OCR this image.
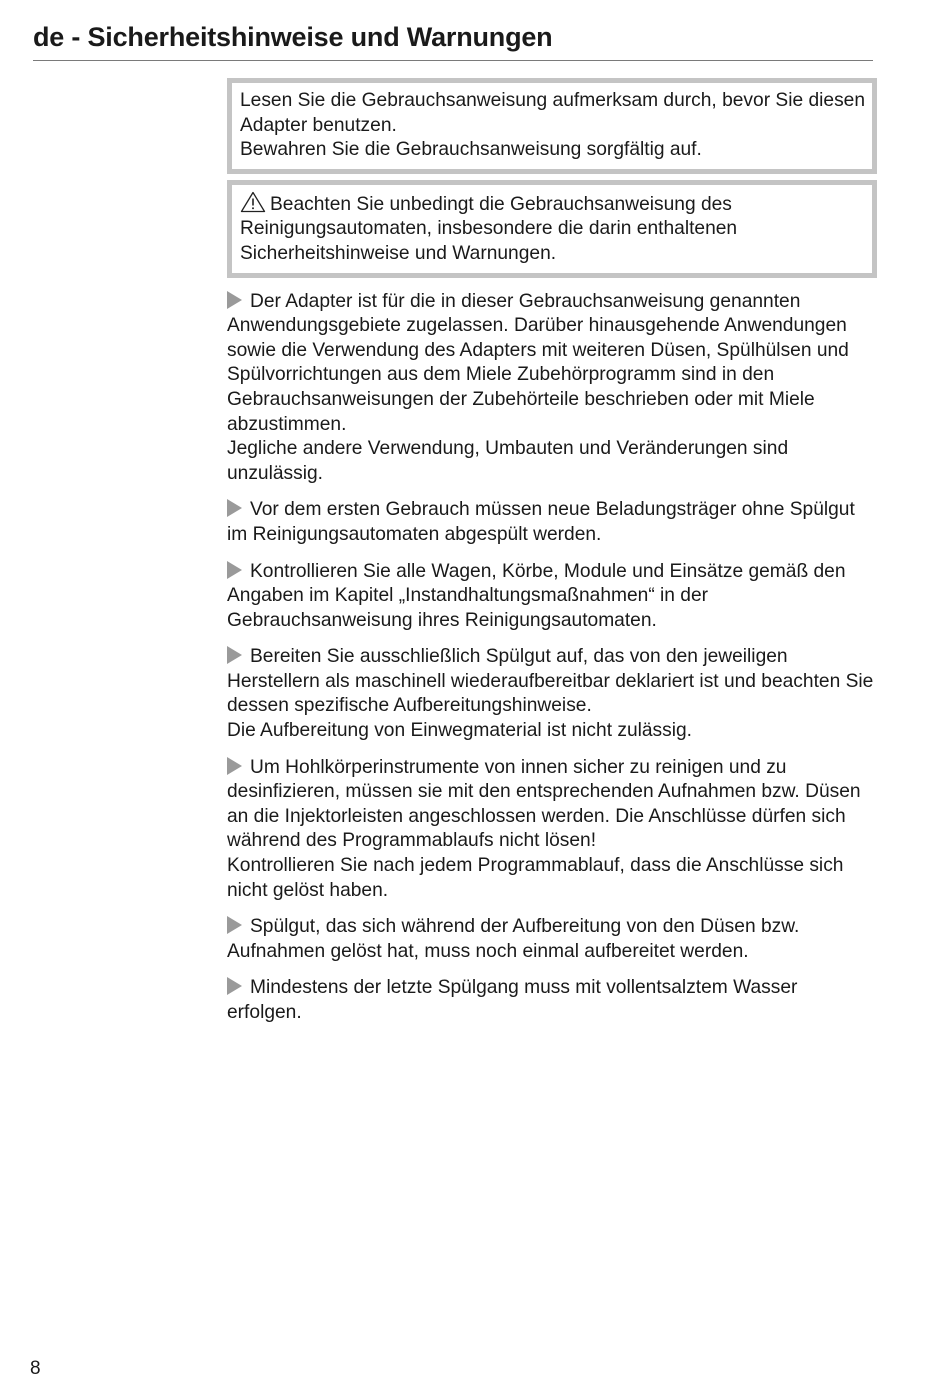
de - Sicherheitshinweise und Warnungen

Lesen Sie die Gebrauchsanweisung aufmerksam durch, bevor Sie diesen Adapter benutzen.

Bewahren Sie die Gebrauchsanweisung sorgfältig auf.

Beachten Sie unbedingt die Gebrauchsanweisung des Reinigungsautomaten, insbesondere die darin enthaltenen Sicherheitshinweise und Warnungen.

Der Adapter ist für die in dieser Gebrauchsanweisung genannten Anwendungsgebiete zugelassen. Darüber hinausgehende Anwendungen sowie die Verwendung des Adapters mit weiteren Düsen, Spülhülsen und Spülvorrichtungen aus dem Miele Zubehörprogramm sind in den Gebrauchsanweisungen der Zubehörteile beschrieben oder mit Miele abzustimmen.

Jegliche andere Verwendung, Umbauten und Veränderungen sind unzulässig.

Vor dem ersten Gebrauch müssen neue Beladungsträger ohne Spülgut im Reinigungsautomaten abgespült werden.

Kontrollieren Sie alle Wagen, Körbe, Module und Einsätze gemäß den Angaben im Kapitel „Instandhaltungsmaßnahmen“ in der Gebrauchsanweisung ihres Reinigungsautomaten.

Bereiten Sie ausschließlich Spülgut auf, das von den jeweiligen Herstellern als maschinell wiederaufbereitbar deklariert ist und beachten Sie dessen spezifische Aufbereitungshinweise.

Die Aufbereitung von Einwegmaterial ist nicht zulässig.

Um Hohlkörperinstrumente von innen sicher zu reinigen und zu desinfizieren, müssen sie mit den entsprechenden Aufnahmen bzw. Düsen an die Injektorleisten angeschlossen werden. Die Anschlüsse dürfen sich während des Programmablaufs nicht lösen!

Kontrollieren Sie nach jedem Programmablauf, dass die Anschlüsse sich nicht gelöst haben.

Spülgut, das sich während der Aufbereitung von den Düsen bzw. Aufnahmen gelöst hat, muss noch einmal aufbereitet werden.

Mindestens der letzte Spülgang muss mit vollentsalztem Wasser erfolgen.

8
